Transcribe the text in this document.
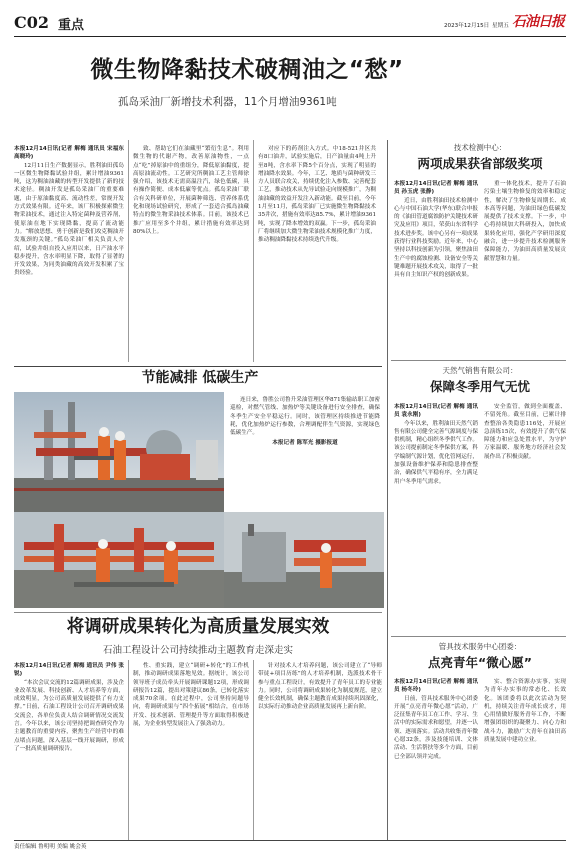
C02 重点	2023年12月15日 星期五 石油日报
微生物降黏技术破稠油之“愁”
孤岛采油厂新增技术利器，11个月增油9361吨
本报12月14日讯(记者 解梅 通讯员 宋福东 高晓玲)

12月11日生产数据显示，胜利油田孤岛一区微生物降黏试验井组，累计增油9361吨，这为稠油油藏的转型开发提供了新的技术途径。稠油开发是孤岛采油厂的重要难题，由于原油黏度高、流动性差，常规开发方式效果有限。近年来，该厂积极探索微生物采油技术，通过注入特定菌种及营养剂，使原油在地下实现降黏，提高了流动能力。“解放思想、勇于创新是我们攻克稠油开发瓶颈的关键。”孤岛采油厂相关负责人介绍，试验井组自投入应用以来，日产油水平稳步提升，含水率明显下降，取得了显著的开发效果，为同类油藏的高效开发积累了宝贵经验。

致、帮助它们在油藏里“繁衍生息”。利用微生物的代谢产物，改善原油物性，一点点“吃”掉原油中的重组分，降低原油黏度，提高原油流动性。工艺研究所稠油工艺主管师徐强介绍，该技术无需高温注汽，绿色低碳，具有操作简便、成本低廉等优点。孤岛采油厂联合有关科研单位，开展菌种筛选、营养体系优化和现场试验研究，形成了一套适合孤岛油藏特点的微生物采油技术体系。目前，该技术已推广应用至多个井组，累计措施有效率达到80%以上。

对应下的药剂注入方式。中18-521井区共有8口油井，试验实施后，日产油量由4吨上升至8吨，含水率下降5个百分点，实现了明显的增油降水效果。今年，工艺、地质与菌种研发三方人员联合攻关，持续优化注入参数、完善配套工艺，推动技术从先导试验走向规模推广，为稠油油藏的效益开发注入新动能。截至目前，今年1月至11月，孤岛采油厂已实施微生物降黏技术35井次，措施有效率达85.7%，累计增油9361吨，实现了降本增效的双赢。下一步，孤岛采油厂将继续加大微生物采油技术规模化推广力度，推动稠油降黏技术持续迭代升级。

技术检测中心：
两项成果获省部级奖项
本报12月14日讯(记者 解梅 通讯员 孙玉虎 张静)

近日，由胜利油田技术检测中心与中国石油大学(华东)联合申报的《油田管道腐蚀防护关键技术研究及应用》项目，荣获山东省科学技术进步奖。该中心另有一项成果获得行业科技奖励。近年来，中心坚持以科技创新为引领，聚焦油田生产中的腐蚀检测、设备安全等关键难题开展技术攻关，取得了一批具有自主知识产权的创新成果。

重一体化技术，提升了石油污染土壤生物修复的效率和稳定性，解决了生物修复周期长、成本高等问题，为油田绿色低碳发展提供了技术支撑。下一步，中心将持续加大科研投入，加快成果转化应用，强化产学研用深度融合，进一步提升技术检测服务保障能力，为油田高质量发展贡献智慧和力量。

天然气销售有限公司：
保障冬季用气无忧
本报12月14日讯(记者 解梅 通讯员 袁永刚)

今年以来，胜利油田天然气销售有限公司健全完善气源调度与保供机制，精心组织冬季供气工作。该公司提前制定冬季保供方案，科学编制气源计划，优化管网运行，加强设备维护保养和隐患排查整治，确保供气平稳有序，全力满足用户冬季用气需求。

安全监管，做到全面覆盖、不留死角。截至目前，已累计排查整治各类隐患116处，开展应急演练15次，有效提升了供气保障能力和应急处置水平，为守护万家温暖、服务地方经济社会发展作出了积极贡献。

管具技术服务中心团委：
点亮青年“微心愿”
本报12月14日讯(记者 解梅 通讯员 杨冬玲)

日前，管具技术服务中心团委开展“点亮青年微心愿”活动，广泛征集青年员工在工作、学习、生活中的实际需求和愿望，并逐一认领、逐项落实。活动共收集青年微心愿32条，涉及技能培训、文体活动、生活帮扶等多个方面，目前已全部认领并完成。

实、整合资源办实事，实现为青年办实事的常态化、长效化。该团委将以此次活动为契机，持续关注青年成长成才，用心用情做好服务青年工作，不断增强团组织的凝聚力、向心力和战斗力，激励广大青年在油田高质量发展中建功立业。

节能减排 低碳生产

连日来，鲁胜公司鲁升采油管理区华871集输站职工加密巡检，对燃气管线、加热炉等关键设备进行安全排查，确保冬季生产安全平稳运行。同时，该管理区持续推进节能降耗，优化加热炉运行参数，合理调配伴生气资源，实现绿色低碳生产。

本报记者 陈军光 摄影报道
将调研成果转化为高质量发展实效
石油工程设计公司持续推动主题教育走深走实
本报12月14日讯(记者 解梅 通讯员 尹伟 张锐)

“本次会议交流的12篇调研成果，涉及企业改革发展、科技创新、人才培养等方面，成效明显，为公司高质量发展提供了有力支撑。”日前，石油工程设计公司召开调研成果交流会，各单位负责人结合调研情况交流发言。今年以来，该公司坚持把调查研究作为主题教育的重要内容，聚焦生产经营中的难点堵点问题，深入基层一线开展调研，形成了一批高质量调研报告。

性、重实践，建立“调研+转化”的工作机制，推动调研成果落地见效。据统计，该公司领导班子成员牵头开展调研课题12项，形成调研报告12篇，提出对策建议86条，已转化落实成果70余项。在此过程中，公司坚持问题导向，将调研成果与“四个拓展”相结合，在市场开发、技术创新、管理提升等方面取得积极进展，为企业转型发展注入了强劲动力。

针对技术人才培养问题，该公司建立了“导师带徒+项目历练”的人才培养机制，选派技术骨干参与重点工程设计，有效提升了青年员工的专业能力。同时，公司将调研成果转化为制度规范，建立健全长效机制，确保主题教育成果持续巩固深化，以实际行动推动企业高质量发展再上新台阶。

责任编辑 鲁明明 美编 姚会英
